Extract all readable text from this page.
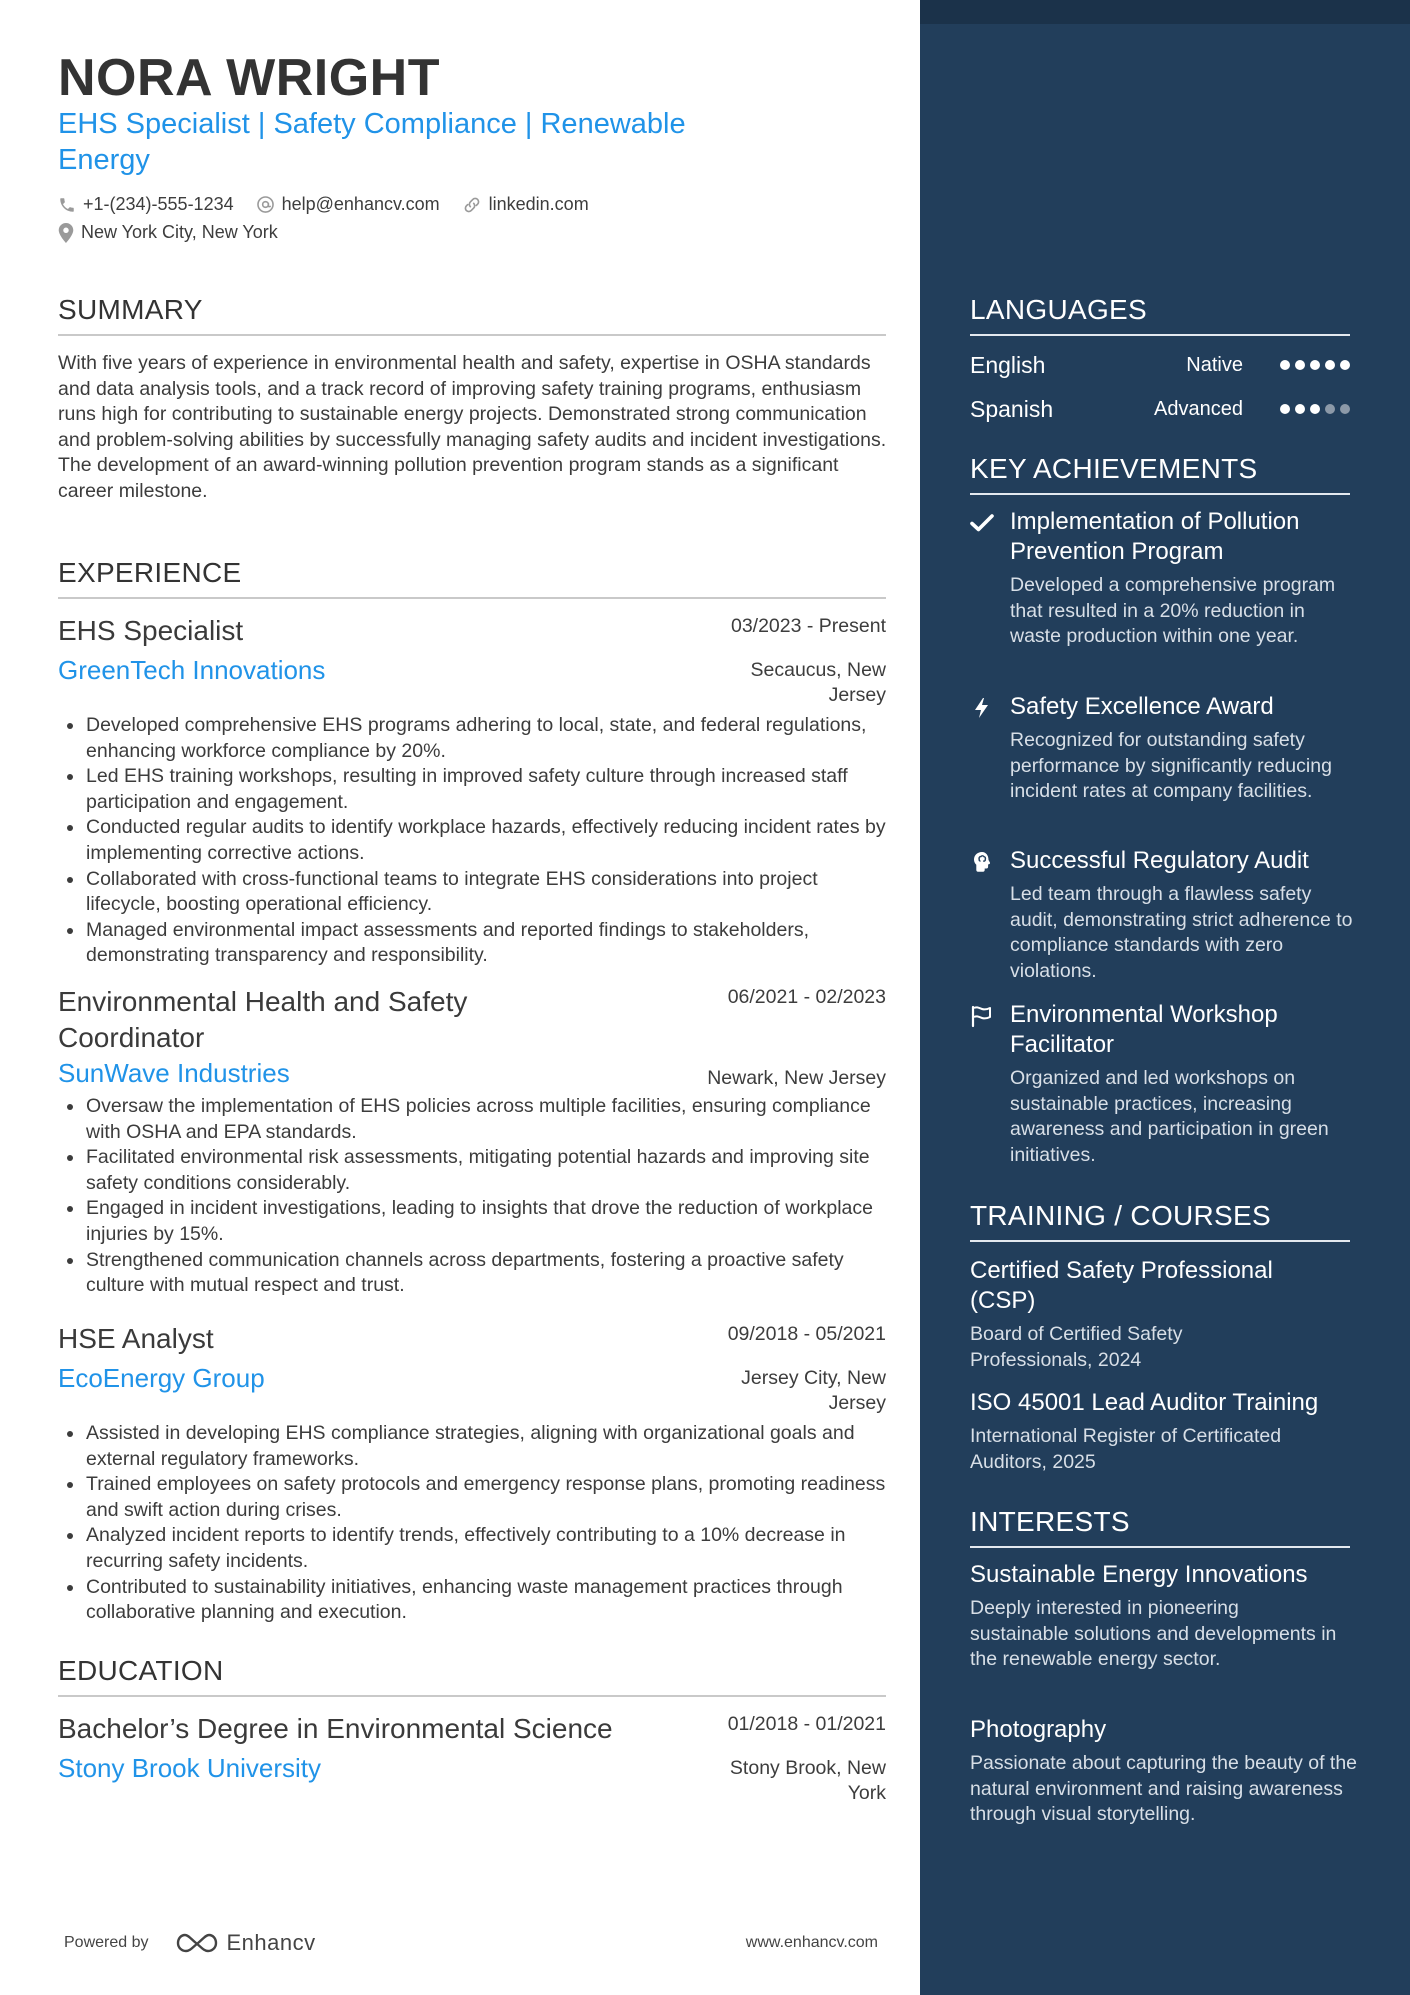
NORA WRIGHT
EHS Specialist | Safety Compliance | Renewable Energy
+1-(234)-555-1234	help@enhancv.com	linkedin.com
New York City, New York
SUMMARY
With five years of experience in environmental health and safety, expertise in OSHA standards and data analysis tools, and a track record of improving safety training programs, enthusiasm runs high for contributing to sustainable energy projects. Demonstrated strong communication and problem-solving abilities by successfully managing safety audits and incident investigations. The development of an award-winning pollution prevention program stands as a significant career milestone.
EXPERIENCE
EHS Specialist	03/2023 - Present
GreenTech Innovations	Secaucus, New Jersey
Developed comprehensive EHS programs adhering to local, state, and federal regulations, enhancing workforce compliance by 20%.
Led EHS training workshops, resulting in improved safety culture through increased staff participation and engagement.
Conducted regular audits to identify workplace hazards, effectively reducing incident rates by implementing corrective actions.
Collaborated with cross-functional teams to integrate EHS considerations into project lifecycle, boosting operational efficiency.
Managed environmental impact assessments and reported findings to stakeholders, demonstrating transparency and responsibility.
Environmental Health and Safety Coordinator
06/2021 - 02/2023
SunWave Industries	Newark, New Jersey
Oversaw the implementation of EHS policies across multiple facilities, ensuring compliance with OSHA and EPA standards.
Facilitated environmental risk assessments, mitigating potential hazards and improving site safety conditions considerably.
Engaged in incident investigations, leading to insights that drove the reduction of workplace injuries by 15%.
Strengthened communication channels across departments, fostering a proactive safety culture with mutual respect and trust.
HSE Analyst	09/2018 - 05/2021
EcoEnergy Group	Jersey City, New Jersey
Assisted in developing EHS compliance strategies, aligning with organizational goals and external regulatory frameworks.
Trained employees on safety protocols and emergency response plans, promoting readiness and swift action during crises.
Analyzed incident reports to identify trends, effectively contributing to a 10% decrease in recurring safety incidents.
Contributed to sustainability initiatives, enhancing waste management practices through collaborative planning and execution.
EDUCATION
Bachelor’s Degree in Environmental Science	01/2018 - 01/2021
Stony Brook University	Stony Brook, New York
Powered by	Enhancv	www.enhancv.com
LANGUAGES
English	Native
Spanish	Advanced
KEY ACHIEVEMENTS
Implementation of Pollution Prevention Program
Developed a comprehensive program that resulted in a 20% reduction in waste production within one year.
Safety Excellence Award
Recognized for outstanding safety performance by significantly reducing incident rates at company facilities.
Successful Regulatory Audit
Led team through a flawless safety audit, demonstrating strict adherence to compliance standards with zero violations.
Environmental Workshop Facilitator
Organized and led workshops on sustainable practices, increasing awareness and participation in green initiatives.
TRAINING / COURSES
Certified Safety Professional (CSP)
Board of Certified Safety Professionals, 2024
ISO 45001 Lead Auditor Training
International Register of Certificated Auditors, 2025
INTERESTS
Sustainable Energy Innovations
Deeply interested in pioneering sustainable solutions and developments in the renewable energy sector.
Photography
Passionate about capturing the beauty of the natural environment and raising awareness through visual storytelling.
